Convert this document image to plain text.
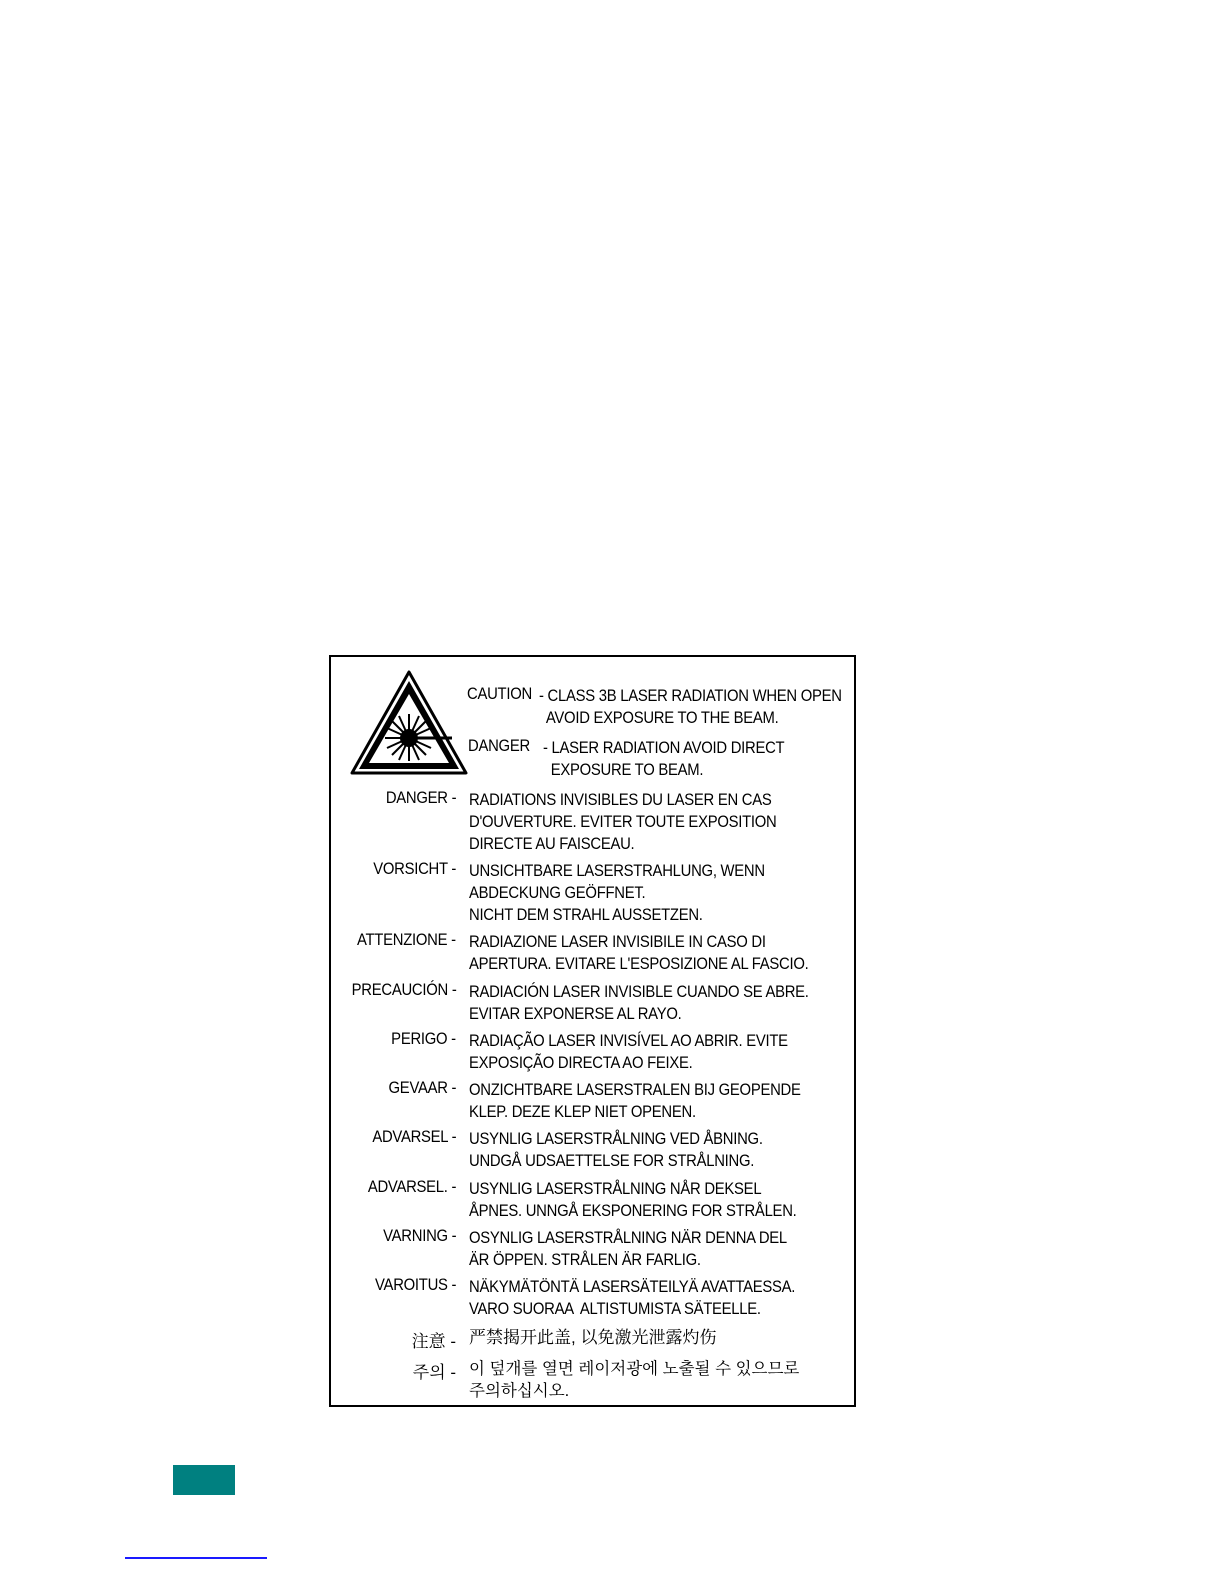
CAUTION - CLASS 3B LASER RADIATION WHEN OPEN
AVOID EXPOSURE TO THE BEAM.
DANGER - LASER RADIATION AVOID DIRECT
EXPOSURE TO BEAM.
DANGER - RADIATIONS INVISIBLES DU LASER EN CAS
D'OUVERTURE. EVITER TOUTE EXPOSITION
DIRECTE AU FAISCEAU.
VORSICHT - UNSICHTBARE LASERSTRAHLUNG, WENN
ABDECKUNG GEÖFFNET.
NICHT DEM STRAHL AUSSETZEN.
ATTENZIONE - RADIAZIONE LASER INVISIBILE IN CASO DI
APERTURA. EVITARE L'ESPOSIZIONE AL FASCIO.
PRECAUCIÓN - RADIACIÓN LASER INVISIBLE CUANDO SE ABRE.
EVITAR EXPONERSE AL RAYO.
PERIGO - RADIAÇÃO LASER INVISÍVEL AO ABRIR. EVITE
EXPOSIÇÃO DIRECTA AO FEIXE.
GEVAAR - ONZICHTBARE LASERSTRALEN BIJ GEOPENDE
KLEP. DEZE KLEP NIET OPENEN.
ADVARSEL - USYNLIG LASERSTRÅLNING VED ÅBNING.
UNDGÅ UDSAETTELSE FOR STRÅLNING.
ADVARSEL. - USYNLIG LASERSTRÅLNING NÅR DEKSEL
ÅPNES. UNNGÅ EKSPONERING FOR STRÅLEN.
VARNING - OSYNLIG LASERSTRÅLNING NÄR DENNA DEL
ÄR ÖPPEN. STRÅLEN ÄR FARLIG.
VAROITUS - NÄKYMÄTÖNTÄ LASERSÄTEILYÄ AVATTAESSA.
VARO SUORAA  ALTISTUMISTA SÄTEELLE.
注意 - 严禁揭开此盖, 以免激光泄露灼伤
주의 - 이 덮개를 열면 레이저광에 노출될 수 있으므로
주의하십시오.
